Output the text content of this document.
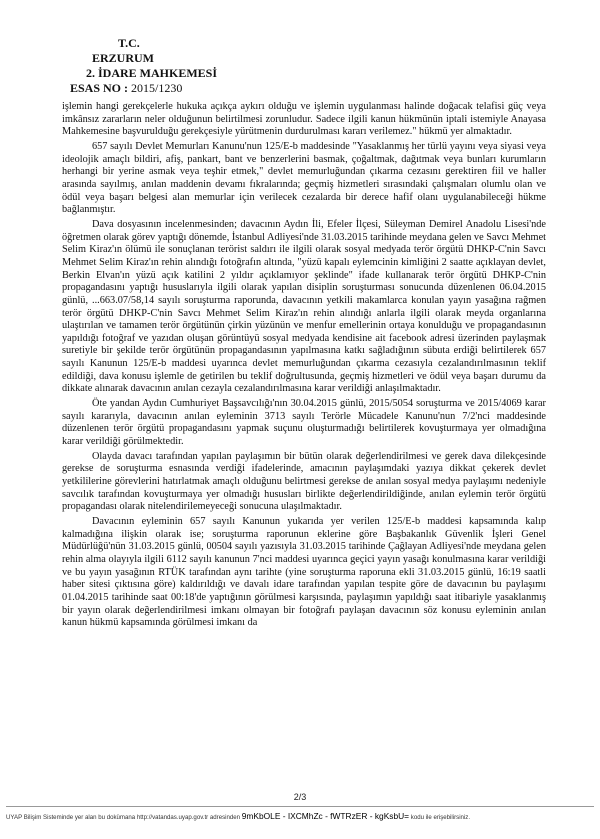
T.C.
ERZURUM
2. İDARE MAHKEMESİ
ESAS NO : 2015/1230

işlemin hangi gerekçelerle hukuka açıkça aykırı olduğu ve işlemin uygulanması halinde doğacak telafisi güç veya imkânsız zararların neler olduğunun belirtilmesi zorunludur. Sadece ilgili kanun hükmünün iptali istemiyle Anayasa Mahkemesine başvurulduğu gerekçesiyle yürütmenin durdurulması kararı verilemez." hükmü yer almaktadır.

657 sayılı Devlet Memurları Kanunu'nun 125/E-b maddesinde "Yasaklanmış her türlü yayını veya siyasi veya ideolojik amaçlı bildiri, afiş, pankart, bant ve benzerlerini basmak, çoğaltmak, dağıtmak veya bunları kurumların herhangi bir yerine asmak veya teşhir etmek," devlet memurluğundan çıkarma cezasını gerektiren fiil ve haller arasında sayılmış, anılan maddenin devamı fıkralarında; geçmiş hizmetleri sırasındaki çalışmaları olumlu olan ve ödül veya başarı belgesi alan memurlar için verilecek cezalarda bir derece hafif olanı uygulanabileceği hükme bağlanmıştır.

Dava dosyasının incelenmesinden; davacının Aydın İli, Efeler İlçesi, Süleyman Demirel Anadolu Lisesi'nde öğretmen olarak görev yaptığı dönemde, İstanbul Adliyesi'nde 31.03.2015 tarihinde meydana gelen ve Savcı Mehmet Selim Kiraz'ın ölümü ile sonuçlanan terörist saldırı ile ilgili olarak sosyal medyada terör örgütü DHKP-C'nin Savcı Mehmet Selim Kiraz'ın rehin alındığı fotoğrafın altında, "yüzü kapalı eylemcinin kimliğini 2 saatte açıklayan devlet, Berkin Elvan'ın yüzü açık katilini 2 yıldır açıklamıyor şeklinde" ifade kullanarak terör örgütü DHKP-C'nin propagandasını yaptığı hususlarıyla ilgili olarak yapılan disiplin soruşturması sonucunda düzenlenen 06.04.2015 günlü, ...663.07/58,14 sayılı soruşturma raporunda, davacının yetkili makamlarca konulan yayın yasağına rağmen terör örgütü DHKP-C'nin Savcı Mehmet Selim Kiraz'ın rehin alındığı anlarla ilgili olarak meyda organlarına ulaştırılan ve tamamen terör örgütünün çirkin yüzünün ve menfur emellerinin ortaya konulduğu ve propagandasının yapıldığı fotoğraf ve yazıdan oluşan görüntüyü sosyal medyada kendisine ait facebook adresi üzerinden paylaşmak suretiyle bir şekilde terör örgütünün propagandasının yapılmasına katkı sağladığının sübuta erdiği belirtilerek 657 sayılı Kanunun 125/E-b maddesi uyarınca devlet memurluğundan çıkarma cezasıyla cezalandırılmasının teklif edildiği, dava konusu işlemle de getirilen bu teklif doğrultusunda, geçmiş hizmetleri ve ödül veya başarı durumu da dikkate alınarak davacının anılan cezayla cezalandırılmasına karar verildiği anlaşılmaktadır.

Öte yandan Aydın Cumhuriyet Başsavcılığı'nın 30.04.2015 günlü, 2015/5054 soruşturma ve 2015/4069 karar sayılı kararıyla, davacının anılan eyleminin 3713 sayılı Terörle Mücadele Kanunu'nun 7/2'nci maddesinde düzenlenen terör örgütü propagandasını yapmak suçunu oluşturmadığı belirtilerek kovuşturmaya yer olmadığına karar verildiği görülmektedir.

Olayda davacı tarafından yapılan paylaşımın bir bütün olarak değerlendirilmesi ve gerek dava dilekçesinde gerekse de soruşturma esnasında verdiği ifadelerinde, amacının paylaşımdaki yazıya dikkat çekerek devlet yetkililerine görevlerini hatırlatmak amaçlı olduğunu belirtmesi gerekse de anılan sosyal medya paylaşımı nedeniyle savcılık tarafından kovuşturmaya yer olmadığı hususları birlikte değerlendirildiğinde, anılan eylemin terör örgütü propagandası olarak nitelendirilemeyeceği sonucuna ulaşılmaktadır.

Davacının eyleminin 657 sayılı Kanunun yukarıda yer verilen 125/E-b maddesi kapsamında kalıp kalmadığına ilişkin olarak ise; soruşturma raporunun eklerine göre Başbakanlık Güvenlik İşleri Genel Müdürlüğü'nün 31.03.2015 günlü, 00504 sayılı yazısıyla 31.03.2015 tarihinde Çağlayan Adliyesi'nde meydana gelen rehin alma olayıyla ilgili 6112 sayılı kanunun 7'nci maddesi uyarınca geçici yayın yasağı konulmasına karar verildiği ve bu yayın yasağının RTÜK tarafından aynı tarihte (yine soruşturma raporuna ekli 31.03.2015 günlü, 16:19 saatli haber sitesi çıktısına göre) kaldırıldığı ve davalı idare tarafından yapılan tespite göre de davacının bu paylaşımı 01.04.2015 tarihinde saat 00:18'de yaptığının görülmesi karşısında, paylaşımın yapıldığı saat itibariyle yasaklanmış bir yayın olarak değerlendirilmesi imkanı olmayan bir fotoğrafı paylaşan davacının söz konusu eyleminin anılan kanun hükmü kapsamında görülmesi imkanı da

2/3
UYAP Bilişim Sisteminde yer alan bu dokümana http://vatandas.uyap.gov.tr adresinden 9mKbOLE - IXCMhZc - fWTRzER - kgKsbU= kodu ile erişebilirsiniz.
